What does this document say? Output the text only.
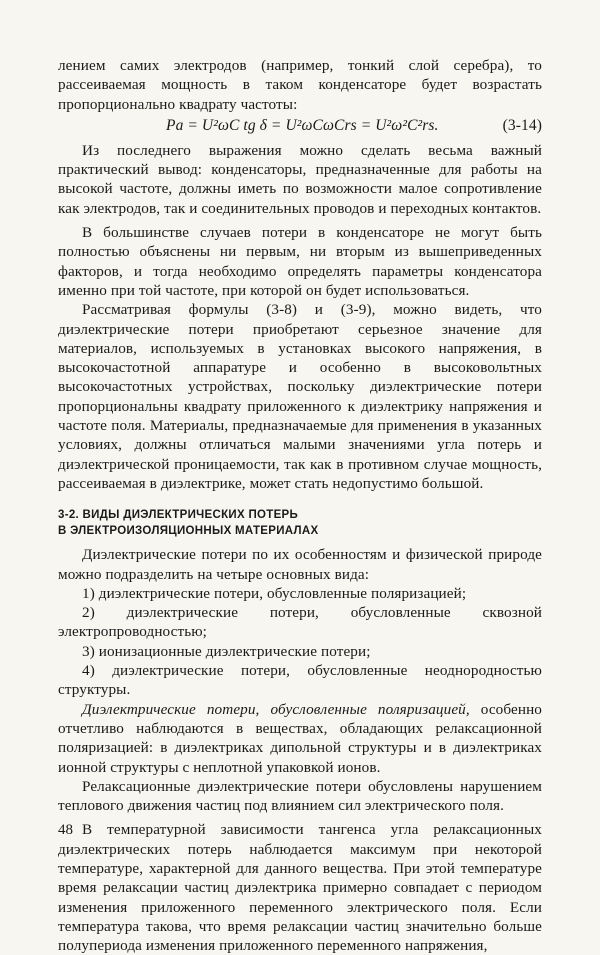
лением самих электродов (например, тонкий слой серебра), то рассеиваемая мощность в таком конденсаторе будет возрастать пропорционально квадрату частоты:

Pa = U²ωC tg δ = U²ωCωCrs = U²ω²C²rs.	(3-14)

Из последнего выражения можно сделать весьма важный практический вывод: конденсаторы, предназначенные для работы на высокой частоте, должны иметь по возможности малое сопротивление как электродов, так и соединительных проводов и переходных контактов.

В большинстве случаев потери в конденсаторе не могут быть полностью объяснены ни первым, ни вторым из вышеприведенных факторов, и тогда необходимо определять параметры конденсатора именно при той частоте, при которой он будет использоваться.

Рассматривая формулы (3-8) и (3-9), можно видеть, что диэлектрические потери приобретают серьезное значение для материалов, используемых в установках высокого напряжения, в высокочастотной аппаратуре и особенно в высоковольтных высокочастотных устройствах, поскольку диэлектрические потери пропорциональны квадрату приложенного к диэлектрику напряжения и частоте поля. Материалы, предназначаемые для применения в указанных условиях, должны отличаться малыми значениями угла потерь и диэлектрической проницаемости, так как в противном случае мощность, рассеиваемая в диэлектрике, может стать недопустимо большой.

3-2. ВИДЫ ДИЭЛЕКТРИЧЕСКИХ ПОТЕРЬ
В ЭЛЕКТРОИЗОЛЯЦИОННЫХ МАТЕРИАЛАХ

Диэлектрические потери по их особенностям и физической природе можно подразделить на четыре основных вида:

1) диэлектрические потери, обусловленные поляризацией;

2) диэлектрические потери, обусловленные сквозной электропроводностью;

3) ионизационные диэлектрические потери;

4) диэлектрические потери, обусловленные неоднородностью структуры.

Диэлектрические потери, обусловленные поляризацией, особенно отчетливо наблюдаются в веществах, обладающих релаксационной поляризацией: в диэлектриках дипольной структуры и в диэлектриках ионной структуры с неплотной упаковкой ионов.

Релаксационные диэлектрические потери обусловлены нарушением теплового движения частиц под влиянием сил электрического поля.

В температурной зависимости тангенса угла релаксационных диэлектрических потерь наблюдается максимум при некоторой температуре, характерной для данного вещества. При этой температуре время релаксации частиц диэлектрика примерно совпадает с периодом изменения приложенного переменного электрического поля. Если температура такова, что время релаксации частиц значительно больше полупериода изменения приложенного переменного напряжения,

48
